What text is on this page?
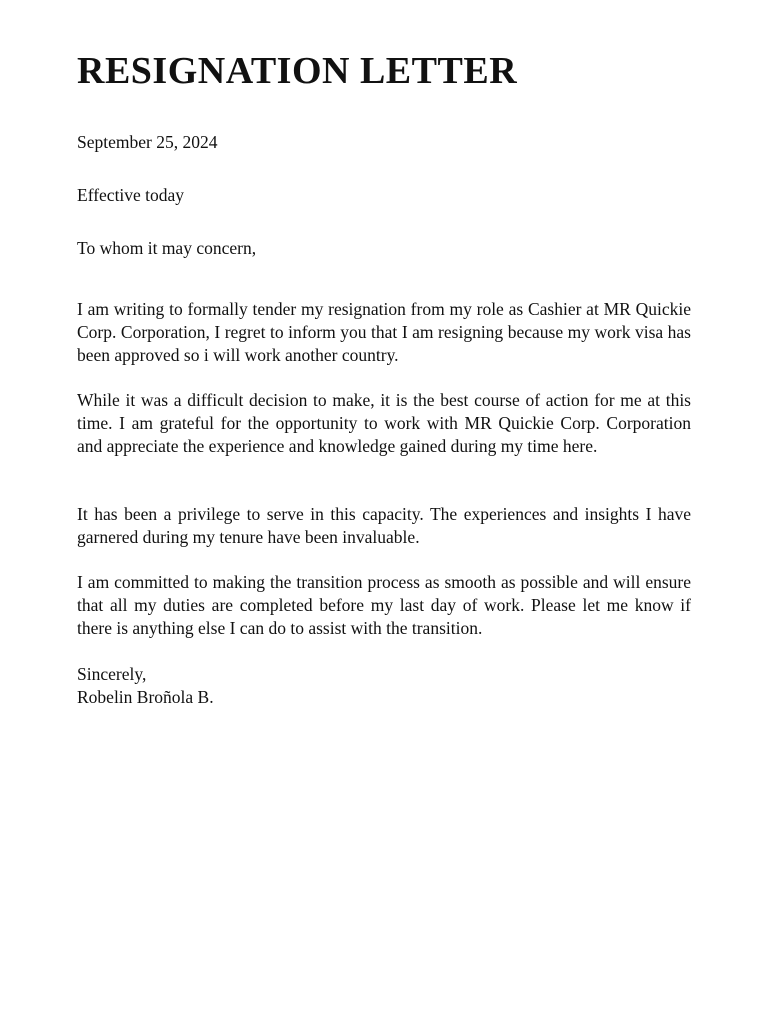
RESIGNATION LETTER

September 25, 2024

Effective today

To whom it may concern,

I am writing to formally tender my resignation from my role as Cashier at MR Quickie Corp. Corporation, I regret to inform you that I am resigning because my work visa has been approved so i will work another country.

While it was a difficult decision to make, it is the best course of action for me at this time. I am grateful for the opportunity to work with MR Quickie Corp. Corporation and appreciate the experience and knowledge gained during my time here.

It has been a privilege to serve in this capacity. The experiences and insights I have garnered during my tenure have been invaluable.

I am committed to making the transition process as smooth as possible and will ensure that all my duties are completed before my last day of work. Please let me know if there is anything else I can do to assist with the transition.

Sincerely,

Robelin Broñola B.
